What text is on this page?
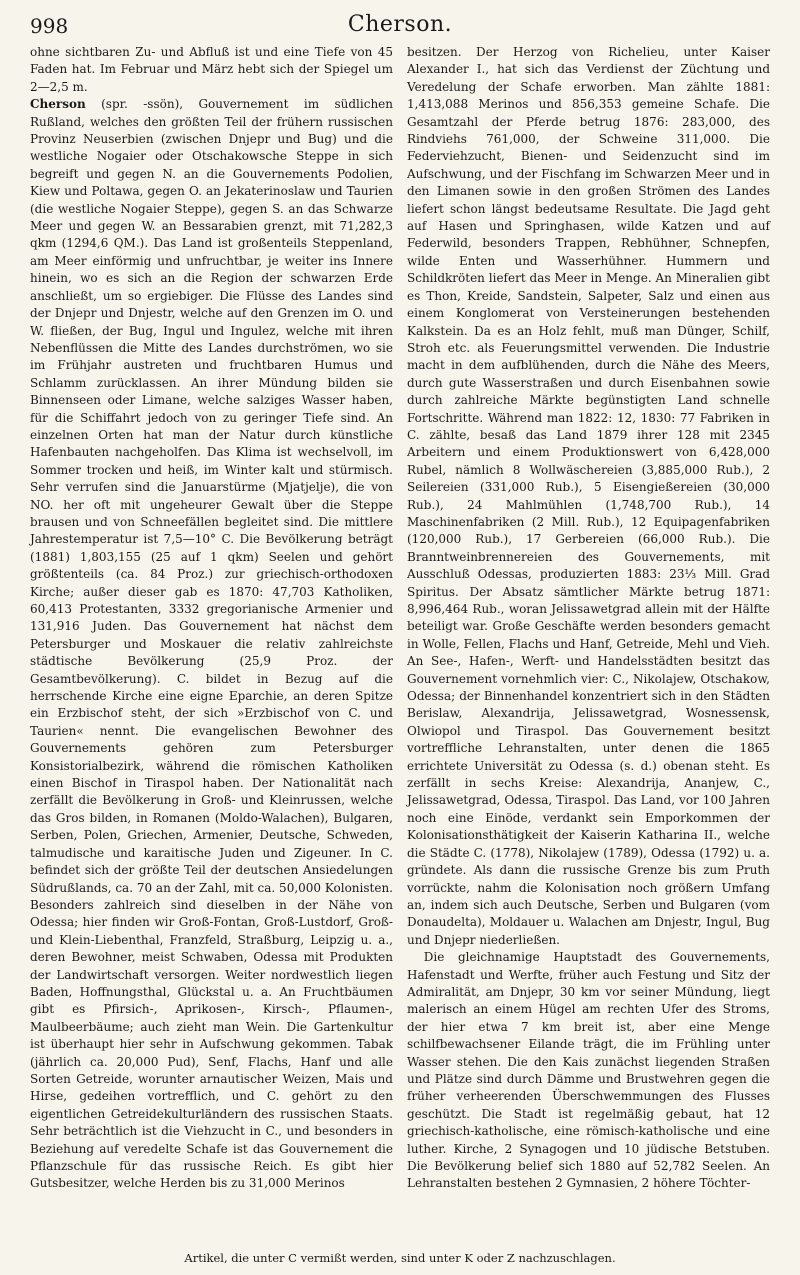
998	Cherson.

ohne sichtbaren Zu- und Abfluß ist und eine Tiefe von 45 Faden hat. Im Februar und März hebt sich der Spiegel um 2—2,5 m.

Cherson (spr. -ssön), Gouvernement im südlichen Rußland, welches den größten Teil der frühern russischen Provinz Neuserbien (zwischen Dnjepr und Bug) und die westliche Nogaier oder Otschakowsche Steppe in sich begreift und gegen N. an die Gouvernements Podolien, Kiew und Poltawa, gegen O. an Jekaterinoslaw und Taurien (die westliche Nogaier Steppe), gegen S. an das Schwarze Meer und gegen W. an Bessarabien grenzt, mit 71,282,3 qkm (1294,6 QM.). Das Land ist großenteils Steppenland, am Meer einförmig und unfruchtbar, je weiter ins Innere hinein, wo es sich an die Region der schwarzen Erde anschließt, um so ergiebiger. Die Flüsse des Landes sind der Dnjepr und Dnjestr, welche auf den Grenzen im O. und W. fließen, der Bug, Ingul und Ingulez, welche mit ihren Nebenflüssen die Mitte des Landes durchströmen, wo sie im Frühjahr austreten und fruchtbaren Humus und Schlamm zurücklassen. An ihrer Mündung bilden sie Binnenseen oder Limane, welche salziges Wasser haben, für die Schiffahrt jedoch von zu geringer Tiefe sind. An einzelnen Orten hat man der Natur durch künstliche Hafenbauten nachgeholfen. Das Klima ist wechselvoll, im Sommer trocken und heiß, im Winter kalt und stürmisch. Sehr verrufen sind die Januarstürme (Mjatjelje), die von NO. her oft mit ungeheurer Gewalt über die Steppe brausen und von Schneefällen begleitet sind. Die mittlere Jahrestemperatur ist 7,5—10° C. Die Bevölkerung beträgt (1881) 1,803,155 (25 auf 1 qkm) Seelen und gehört größtenteils (ca. 84 Proz.) zur griechisch-orthodoxen Kirche; außer dieser gab es 1870: 47,703 Katholiken, 60,413 Protestanten, 3332 gregorianische Armenier und 131,916 Juden. Das Gouvernement hat nächst dem Petersburger und Moskauer die relativ zahlreichste städtische Bevölkerung (25,9 Proz. der Gesamtbevölkerung). C. bildet in Bezug auf die herrschende Kirche eine eigne Eparchie, an deren Spitze ein Erzbischof steht, der sich »Erzbischof von C. und Taurien« nennt. Die evangelischen Bewohner des Gouvernements gehören zum Petersburger Konsistorialbezirk, während die römischen Katholiken einen Bischof in Tiraspol haben. Der Nationalität nach zerfällt die Bevölkerung in Groß- und Kleinrussen, welche das Gros bilden, in Romanen (Moldo-Walachen), Bulgaren, Serben, Polen, Griechen, Armenier, Deutsche, Schweden, talmudische und karaitische Juden und Zigeuner. In C. befindet sich der größte Teil der deutschen Ansiedelungen Südrußlands, ca. 70 an der Zahl, mit ca. 50,000 Kolonisten. Besonders zahlreich sind dieselben in der Nähe von Odessa; hier finden wir Groß-Fontan, Groß-Lustdorf, Groß- und Klein-Liebenthal, Franzfeld, Straßburg, Leipzig u. a., deren Bewohner, meist Schwaben, Odessa mit Produkten der Landwirtschaft versorgen. Weiter nordwestlich liegen Baden, Hoffnungsthal, Glückstal u. a. An Fruchtbäumen gibt es Pfirsich-, Aprikosen-, Kirsch-, Pflaumen-, Maulbeerbäume; auch zieht man Wein. Die Gartenkultur ist überhaupt hier sehr in Aufschwung gekommen. Tabak (jährlich ca. 20,000 Pud), Senf, Flachs, Hanf und alle Sorten Getreide, worunter arnautischer Weizen, Mais und Hirse, gedeihen vortrefflich, und C. gehört zu den eigentlichen Getreidekulturländern des russischen Staats. Sehr beträchtlich ist die Viehzucht in C., und besonders in Beziehung auf veredelte Schafe ist das Gouvernement die Pflanzschule für das russische Reich. Es gibt hier Gutsbesitzer, welche Herden bis zu 31,000 Merinos

besitzen. Der Herzog von Richelieu, unter Kaiser Alexander I., hat sich das Verdienst der Züchtung und Veredelung der Schafe erworben. Man zählte 1881: 1,413,088 Merinos und 856,353 gemeine Schafe. Die Gesamtzahl der Pferde betrug 1876: 283,000, des Rindviehs 761,000, der Schweine 311,000. Die Federviehzucht, Bienen- und Seidenzucht sind im Aufschwung, und der Fischfang im Schwarzen Meer und in den Limanen sowie in den großen Strömen des Landes liefert schon längst bedeutsame Resultate. Die Jagd geht auf Hasen und Springhasen, wilde Katzen und auf Federwild, besonders Trappen, Rebhühner, Schnepfen, wilde Enten und Wasserhühner. Hummern und Schildkröten liefert das Meer in Menge. An Mineralien gibt es Thon, Kreide, Sandstein, Salpeter, Salz und einen aus einem Konglomerat von Versteinerungen bestehenden Kalkstein. Da es an Holz fehlt, muß man Dünger, Schilf, Stroh etc. als Feuerungsmittel verwenden. Die Industrie macht in dem aufblühenden, durch die Nähe des Meers, durch gute Wasserstraßen und durch Eisenbahnen sowie durch zahlreiche Märkte begünstigten Land schnelle Fortschritte. Während man 1822: 12, 1830: 77 Fabriken in C. zählte, besaß das Land 1879 ihrer 128 mit 2345 Arbeitern und einem Produktionswert von 6,428,000 Rubel, nämlich 8 Wollwäschereien (3,885,000 Rub.), 2 Seilereien (331,000 Rub.), 5 Eisengießereien (30,000 Rub.), 24 Mahlmühlen (1,748,700 Rub.), 14 Maschinenfabriken (2 Mill. Rub.), 12 Equipagenfabriken (120,000 Rub.), 17 Gerbereien (66,000 Rub.). Die Branntweinbrennereien des Gouvernements, mit Ausschluß Odessas, produzierten 1883: 23⅓ Mill. Grad Spiritus. Der Absatz sämtlicher Märkte betrug 1871: 8,996,464 Rub., woran Jelissawetgrad allein mit der Hälfte beteiligt war. Große Geschäfte werden besonders gemacht in Wolle, Fellen, Flachs und Hanf, Getreide, Mehl und Vieh. An See-, Hafen-, Werft- und Handelsstädten besitzt das Gouvernement vornehmlich vier: C., Nikolajew, Otschakow, Odessa; der Binnenhandel konzentriert sich in den Städten Berislaw, Alexandrija, Jelissawetgrad, Wosnessensk, Olwiopol und Tiraspol. Das Gouvernement besitzt vortreffliche Lehranstalten, unter denen die 1865 errichtete Universität zu Odessa (s. d.) obenan steht. Es zerfällt in sechs Kreise: Alexandrija, Ananjew, C., Jelissawetgrad, Odessa, Tiraspol. Das Land, vor 100 Jahren noch eine Einöde, verdankt sein Emporkommen der Kolonisationsthätigkeit der Kaiserin Katharina II., welche die Städte C. (1778), Nikolajew (1789), Odessa (1792) u. a. gründete. Als dann die russische Grenze bis zum Pruth vorrückte, nahm die Kolonisation noch größern Umfang an, indem sich auch Deutsche, Serben und Bulgaren (vom Donaudelta), Moldauer u. Walachen am Dnjestr, Ingul, Bug und Dnjepr niederließen.

Die gleichnamige Hauptstadt des Gouvernements, Hafenstadt und Werfte, früher auch Festung und Sitz der Admiralität, am Dnjepr, 30 km vor seiner Mündung, liegt malerisch an einem Hügel am rechten Ufer des Stroms, der hier etwa 7 km breit ist, aber eine Menge schilfbewachsener Eilande trägt, die im Frühling unter Wasser stehen. Die den Kais zunächst liegenden Straßen und Plätze sind durch Dämme und Brustwehren gegen die früher verheerenden Überschwemmungen des Flusses geschützt. Die Stadt ist regelmäßig gebaut, hat 12 griechisch-katholische, eine römisch-katholische und eine luther. Kirche, 2 Synagogen und 10 jüdische Betstuben. Die Bevölkerung belief sich 1880 auf 52,782 Seelen. An Lehranstalten bestehen 2 Gymnasien, 2 höhere Töchter-

Artikel, die unter C vermißt werden, sind unter K oder Z nachzuschlagen.
